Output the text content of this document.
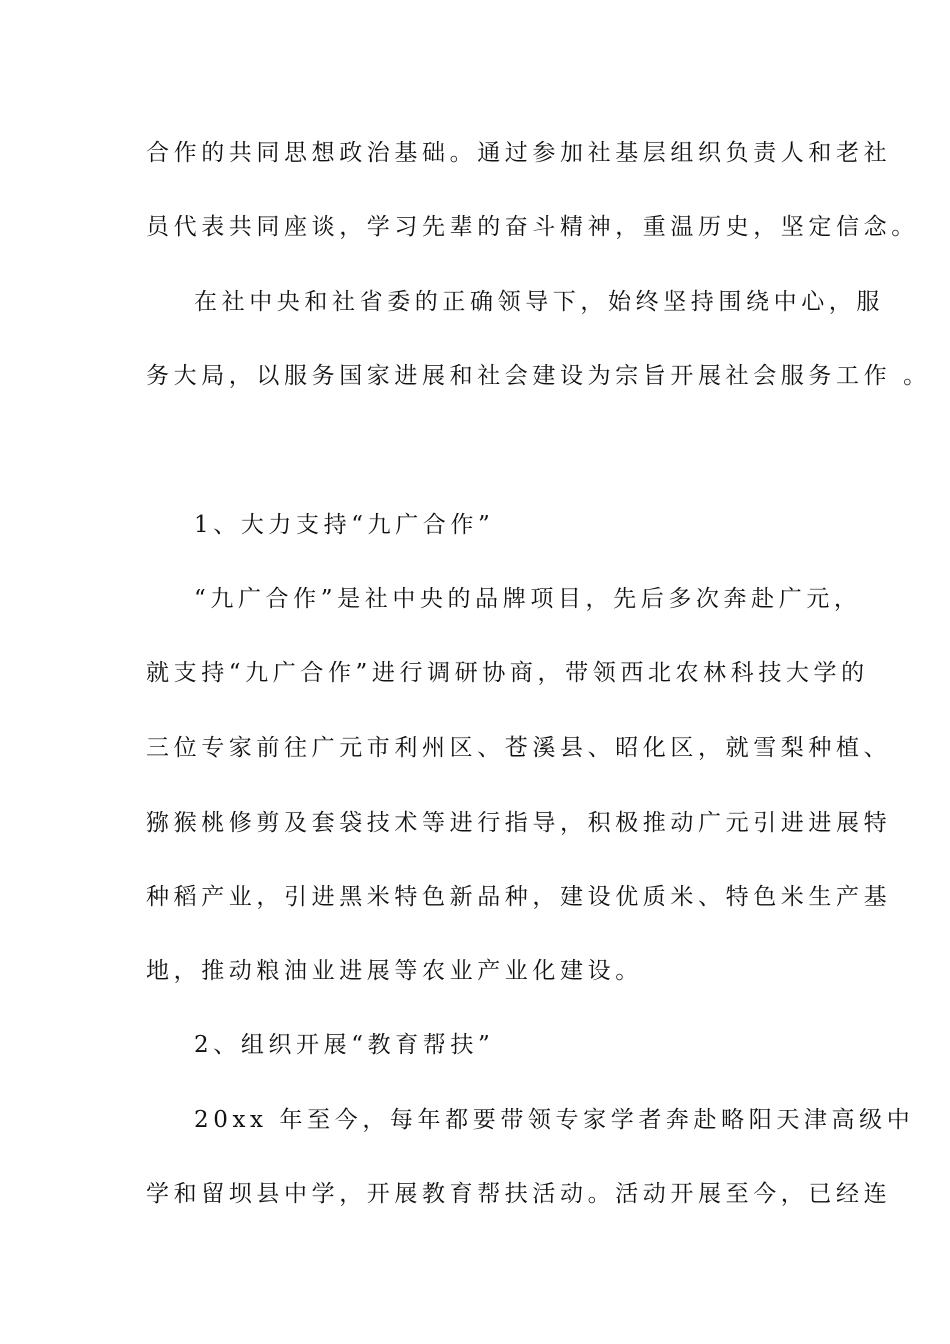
合作的共同思想政治基础。通过参加社基层组织负责人和老社
员代表共同座谈，学习先辈的奋斗精神，重温历史，坚定信念。
在社中央和社省委的正确领导下，始终坚持围绕中心，服
务大局，以服务国家进展和社会建设为宗旨开展社会服务工作 。
1、大力支持“九广合作”
“九广合作”是社中央的品牌项目，先后多次奔赴广元，
就支持“九广合作”进行调研协商，带领西北农林科技大学的
三位专家前往广元市利州区、苍溪县、昭化区，就雪梨种植、
猕猴桃修剪及套袋技术等进行指导，积极推动广元引进进展特
种稻产业，引进黑米特色新品种，建设优质米、特色米生产基
地，推动粮油业进展等农业产业化建设。
2、组织开展“教育帮扶”
20xx 年至今，每年都要带领专家学者奔赴略阳天津高级中
学和留坝县中学，开展教育帮扶活动。活动开展至今，已经连
